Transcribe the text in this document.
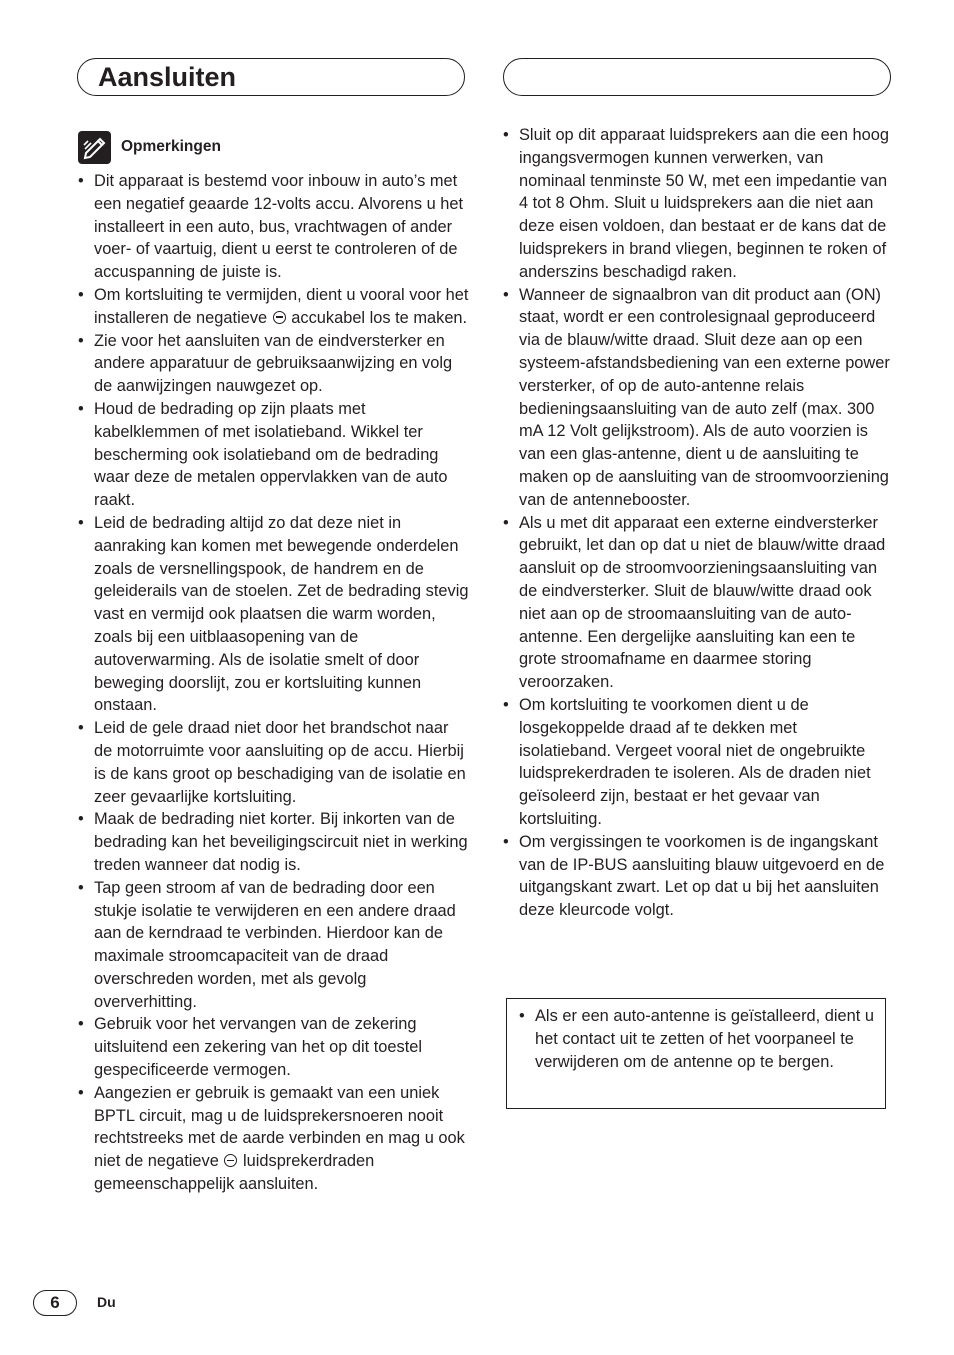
Aansluiten
Opmerkingen
• Dit apparaat is bestemd voor inbouw in auto’s met een negatief geaarde 12-volts accu. Alvorens u het installeert in een auto, bus, vrachtwagen of ander voer- of vaartuig, dient u eerst te controleren of de accuspanning de juiste is.
• Om kortsluiting te vermijden, dient u vooral voor het installeren de negatieve accukabel los te maken.
• Zie voor het aansluiten van de eindversterker en andere apparatuur de gebruiksaanwijzing en volg de aanwijzingen nauwgezet op.
• Houd de bedrading op zijn plaats met kabelklemmen of met isolatieband. Wikkel ter bescherming ook isolatieband om de bedrading waar deze de metalen oppervlakken van de auto raakt.
• Leid de bedrading altijd zo dat deze niet in aanraking kan komen met bewegende onderdelen zoals de versnellingspook, de handrem en de geleiderails van de stoelen. Zet de bedrading stevig vast en vermijd ook plaatsen die warm worden, zoals bij een uitblaasopening van de autoverwarming. Als de isolatie smelt of door beweging doorslijt, zou er kortsluiting kunnen onstaan.
• Leid de gele draad niet door het brandschot naar de motorruimte voor aansluiting op de accu. Hierbij is de kans groot op beschadiging van de isolatie en zeer gevaarlijke kortsluiting.
• Maak de bedrading niet korter. Bij inkorten van de bedrading kan het beveiligingscircuit niet in werking treden wanneer dat nodig is.
• Tap geen stroom af van de bedrading door een stukje isolatie te verwijderen en een andere draad aan de kerndraad te verbinden. Hierdoor kan de maximale stroomcapaciteit van de draad overschreden worden, met als gevolg oververhitting.
• Gebruik voor het vervangen van de zekering uitsluitend een zekering van het op dit toestel gespecificeerde vermogen.
• Aangezien er gebruik is gemaakt van een uniek BPTL circuit, mag u de luidsprekersnoeren nooit rechtstreeks met de aarde verbinden en mag u ook niet de negatieve luidsprekerdraden gemeenschappelijk aansluiten.
• Sluit op dit apparaat luidsprekers aan die een hoog ingangsvermogen kunnen verwerken, van nominaal tenminste 50 W, met een impedantie van 4 tot 8 Ohm. Sluit u luidsprekers aan die niet aan deze eisen voldoen, dan bestaat er de kans dat de luidsprekers in brand vliegen, beginnen te roken of anderszins beschadigd raken.
• Wanneer de signaalbron van dit product aan (ON) staat, wordt er een controlesignaal geproduceerd via de blauw/witte draad. Sluit deze aan op een systeem-afstandsbediening van een externe power versterker, of op de auto-antenne relais bedieningsaansluiting van de auto zelf (max. 300 mA 12 Volt gelijkstroom). Als de auto voorzien is van een glas-antenne, dient u de aansluiting te maken op de aansluiting van de stroomvoorziening van de antennebooster.
• Als u met dit apparaat een externe eindversterker gebruikt, let dan op dat u niet de blauw/witte draad aansluit op de stroomvoorzieningsaansluiting van de eindversterker. Sluit de blauw/witte draad ook niet aan op de stroomaansluiting van de auto-antenne. Een dergelijke aansluiting kan een te grote stroomafname en daarmee storing veroorzaken.
• Om kortsluiting te voorkomen dient u de losgekoppelde draad af te dekken met isolatieband. Vergeet vooral niet de ongebruikte luidsprekerdraden te isoleren. Als de draden niet geïsoleerd zijn, bestaat er het gevaar van kortsluiting.
• Om vergissingen te voorkomen is de ingangskant van de IP-BUS aansluiting blauw uitgevoerd en de uitgangskant zwart. Let op dat u bij het aansluiten deze kleurcode volgt.
• Als er een auto-antenne is geïstalleerd, dient u het contact uit te zetten of het voorpaneel te verwijderen om de antenne op te bergen.
6	Du
